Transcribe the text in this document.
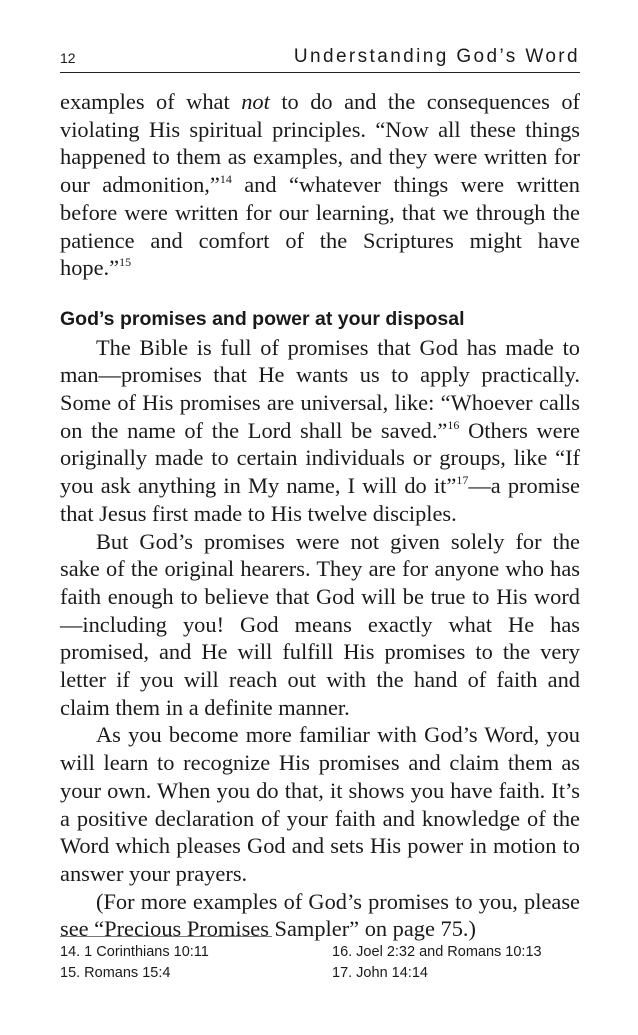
12	Understanding God’s Word

examples of what not to do and the consequences of violating His spiritual principles. “Now all these things happened to them as examples, and they were written for our admonition,”$^{14}$ and “whatever things were written before were written for our learning, that we through the patience and comfort of the Scriptures might have hope.”$^{15}$

God’s promises and power at your disposal

The Bible is full of promises that God has made to man—promises that He wants us to apply practically. Some of His promises are universal, like: “Whoever calls on the name of the Lord shall be saved.”$^{16}$ Others were originally made to certain individuals or groups, like “If you ask anything in My name, I will do it”$^{17}$—a promise that Jesus first made to His twelve disciples.

But God’s promises were not given solely for the sake of the original hearers. They are for anyone who has faith enough to believe that God will be true to His word—including you! God means exactly what He has promised, and He will fulfill His promises to the very letter if you will reach out with the hand of faith and claim them in a definite manner.

As you become more familiar with God’s Word, you will learn to recognize His promises and claim them as your own. When you do that, it shows you have faith. It’s a positive declaration of your faith and knowledge of the Word which pleases God and sets His power in motion to answer your prayers.

(For more examples of God’s promises to you, please see “Precious Promises Sampler” on page 75.)

14. 1 Corinthians 10:11
15. Romans 15:4
16. Joel 2:32 and Romans 10:13
17. John 14:14
